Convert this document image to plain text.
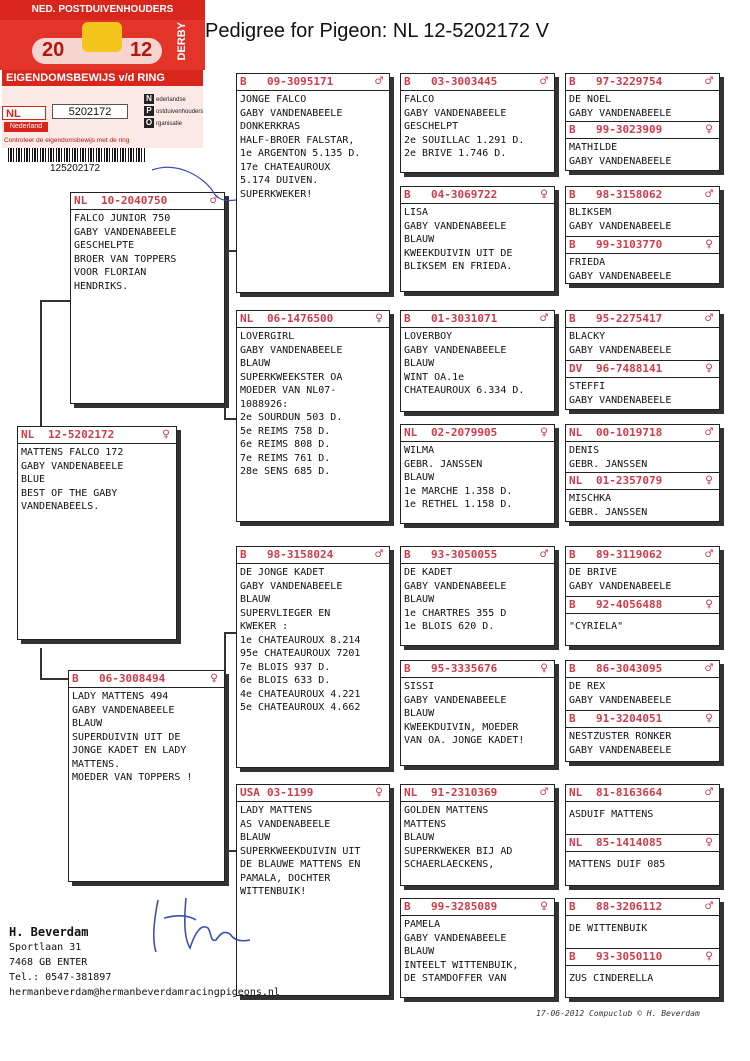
Pedigree for Pigeon: NL 12-5202172 V
NED. POSTDUIVENHOUDERS
20	12 DERBY
EIGENDOMSBEWIJS v/d RING
NL	5202172
Nederland
N ederlandse
P ostduivenhouders
O rganisatie
Controleer de eigendomsbewijs met de ring
125202172
NL 12-5202172	♀
MATTENS FALCO 172
GABY VANDENABEELE
BLUE
BEST OF THE GABY
VANDENABEELS.
NL 10-2040750	♂
FALCO JUNIOR 750
GABY VANDENABEELE
GESCHELPTE
BROER VAN TOPPERS
VOOR FLORIAN
HENDRIKS.
B 06-3008494	♀
LADY MATTENS 494
GABY VANDENABEELE
BLAUW
SUPERDUIVIN UIT DE
JONGE KADET EN LADY
MATTENS.
MOEDER VAN TOPPERS !
B 09-3095171	♂
JONGE FALCO
GABY VANDENABEELE
DONKERKRAS
HALF-BROER FALSTAR,
1e ARGENTON 5.135 D.
17e CHATEAUROUX
5.174 DUIVEN.
SUPERKWEKER!
NL 06-1476500	♀
LOVERGIRL
GABY VANDENABEELE
BLAUW
SUPERKWEEKSTER OA
MOEDER VAN NL07-
1088926:
2e SOURDUN 503 D.
5e REIMS 758 D.
6e REIMS 808 D.
7e REIMS 761 D.
28e SENS 685 D.
B 98-3158024	♂
DE JONGE KADET
GABY VANDENABEELE
BLAUW
SUPERVLIEGER EN
KWEKER :
1e CHATEAUROUX 8.214
95e CHATEAUROUX 7201
7e BLOIS 937 D.
6e BLOIS 633 D.
4e CHATEAUROUX 4.221
5e CHATEAUROUX 4.662
USA 03-1199	♀
LADY MATTENS
AS VANDENABEELE
BLAUW
SUPERKWEEKDUIVIN UIT
DE BLAUWE MATTENS EN
PAMALA, DOCHTER
WITTENBUIK!
B 03-3003445	♂
FALCO
GABY VANDENABEELE
GESCHELPT
2e SOUILLAC 1.291 D.
2e BRIVE 1.746 D.
B 04-3069722	♀
LISA
GABY VANDENABEELE
BLAUW
KWEEKDUIVIN UIT DE
BLIKSEM EN FRIEDA.
B 01-3031071	♂
LOVERBOY
GABY VANDENABEELE
BLAUW
WINT OA.1e
CHATEAUROUX 6.334 D.
NL 02-2079905	♀
WILMA
GEBR. JANSSEN
BLAUW
1e MARCHE 1.358 D.
1e RETHEL 1.158 D.
B 93-3050055	♂
DE KADET
GABY VANDENABEELE
BLAUW
1e CHARTRES 355 D
1e BLOIS 620 D.
B 95-3335676	♀
SISSI
GABY VANDENABEELE
BLAUW
KWEEKDUIVIN, MOEDER
VAN OA. JONGE KADET!
NL 91-2310369	♂
GOLDEN MATTENS
MATTENS
BLAUW
SUPERKWEKER BIJ AD
SCHAERLAECKENS,
B 99-3285089	♀
PAMELA
GABY VANDENABEELE
BLAUW
INTEELT WITTENBUIK,
DE STAMDOFFER VAN
B 97-3229754	♂
DE NOEL
GABY VANDENABEELE
B 99-3023909	♀
MATHILDE
GABY VANDENABEELE
B 98-3158062	♂
BLIKSEM
GABY VANDENABEELE
B 99-3103770	♀
FRIEDA
GABY VANDENABEELE
B 95-2275417	♂
BLACKY
GABY VANDENABEELE
DV 96-7488141	♀
STEFFI
GABY VANDENABEELE
NL 00-1019718	♂
DENIS
GEBR. JANSSEN
NL 01-2357079	♀
MISCHKA
GEBR. JANSSEN
B 89-3119062	♂
DE BRIVE
GABY VANDENABEELE
B 92-4056488	♀
"CYRIELA"
B 86-3043095	♂
DE REX
GABY VANDENABEELE
B 91-3204051	♀
NESTZUSTER RONKER
GABY VANDENABEELE
NL 81-8163664	♂
ASDUIF MATTENS
NL 85-1414085	♀
MATTENS DUIF 085
B 88-3206112	♂
DE WITTENBUIK
B 93-3050110	♀
ZUS CINDERELLA
H. Beverdam
Sportlaan 31
7468 GB ENTER
Tel.: 0547-381897
hermanbeverdam@hermanbeverdamracingpigeons.nl
17-06-2012 Compuclub © H. Beverdam
